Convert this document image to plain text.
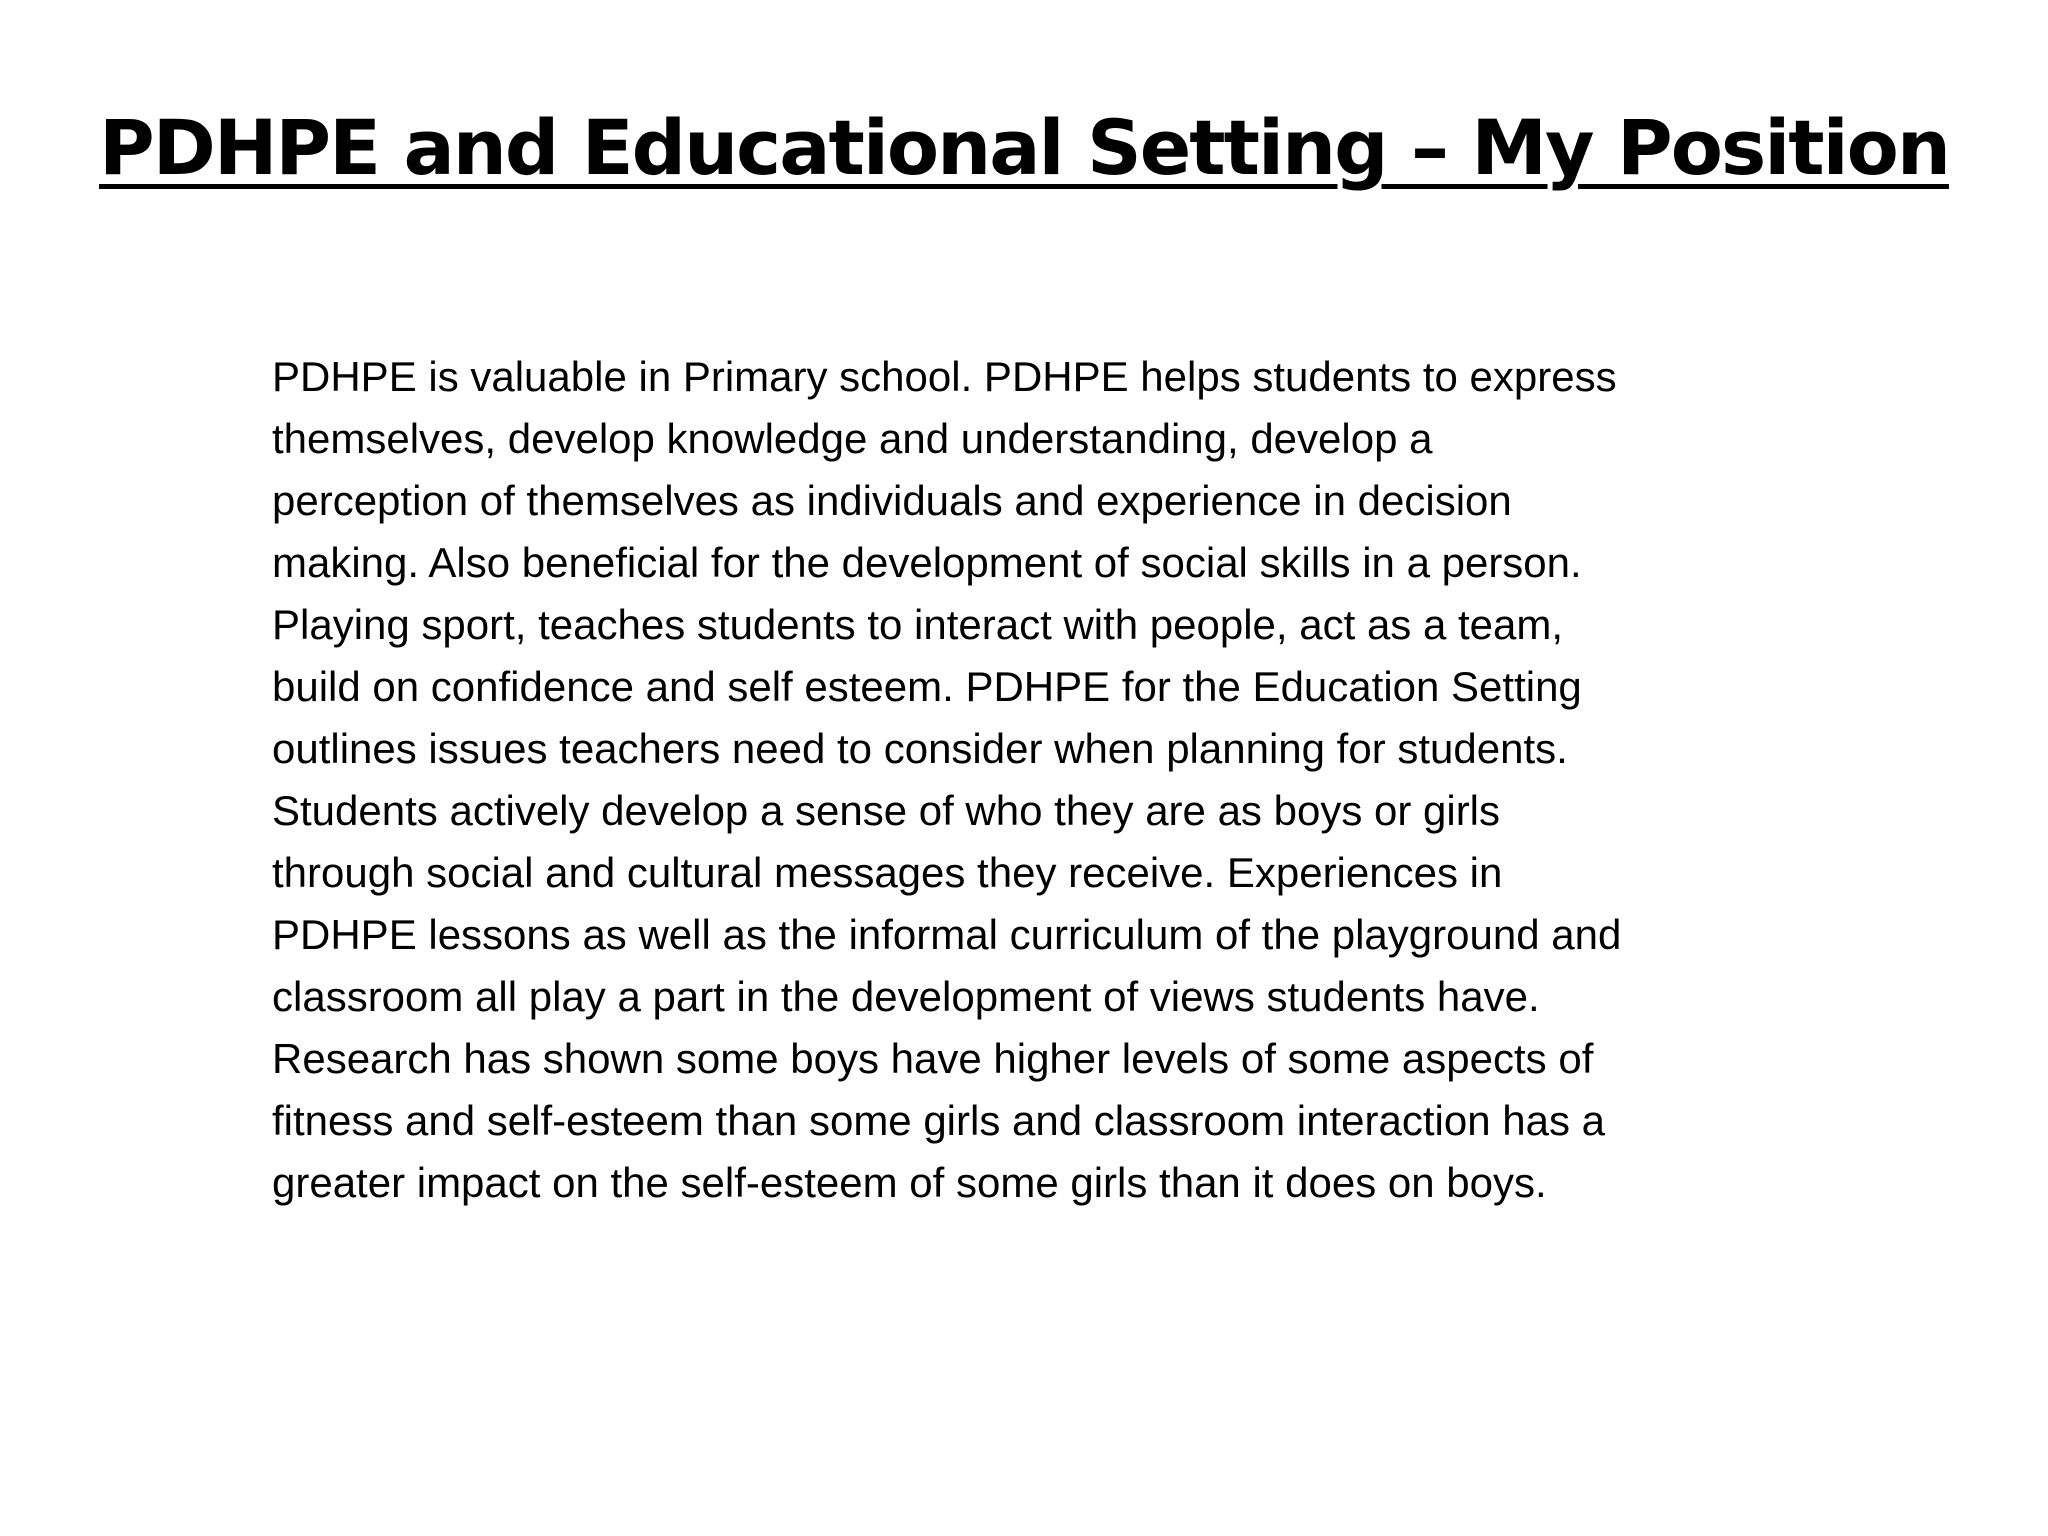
PDHPE and Educational Setting – My Position
PDHPE is valuable in Primary school. PDHPE helps students to express
themselves, develop knowledge and understanding, develop a
perception of themselves as individuals and experience in decision
making. Also beneficial for the development of social skills in a person.
Playing sport, teaches students to interact with people, act as a team,
build on confidence and self esteem. PDHPE for the Education Setting
outlines issues teachers need to consider when planning for students.
Students actively develop a sense of who they are as boys or girls
through social and cultural messages they receive. Experiences in
PDHPE lessons as well as the informal curriculum of the playground and
classroom all play a part in the development of views students have.
Research has shown some boys have higher levels of some aspects of
fitness and self-esteem than some girls and classroom interaction has a
greater impact on the self-esteem of some girls than it does on boys.
